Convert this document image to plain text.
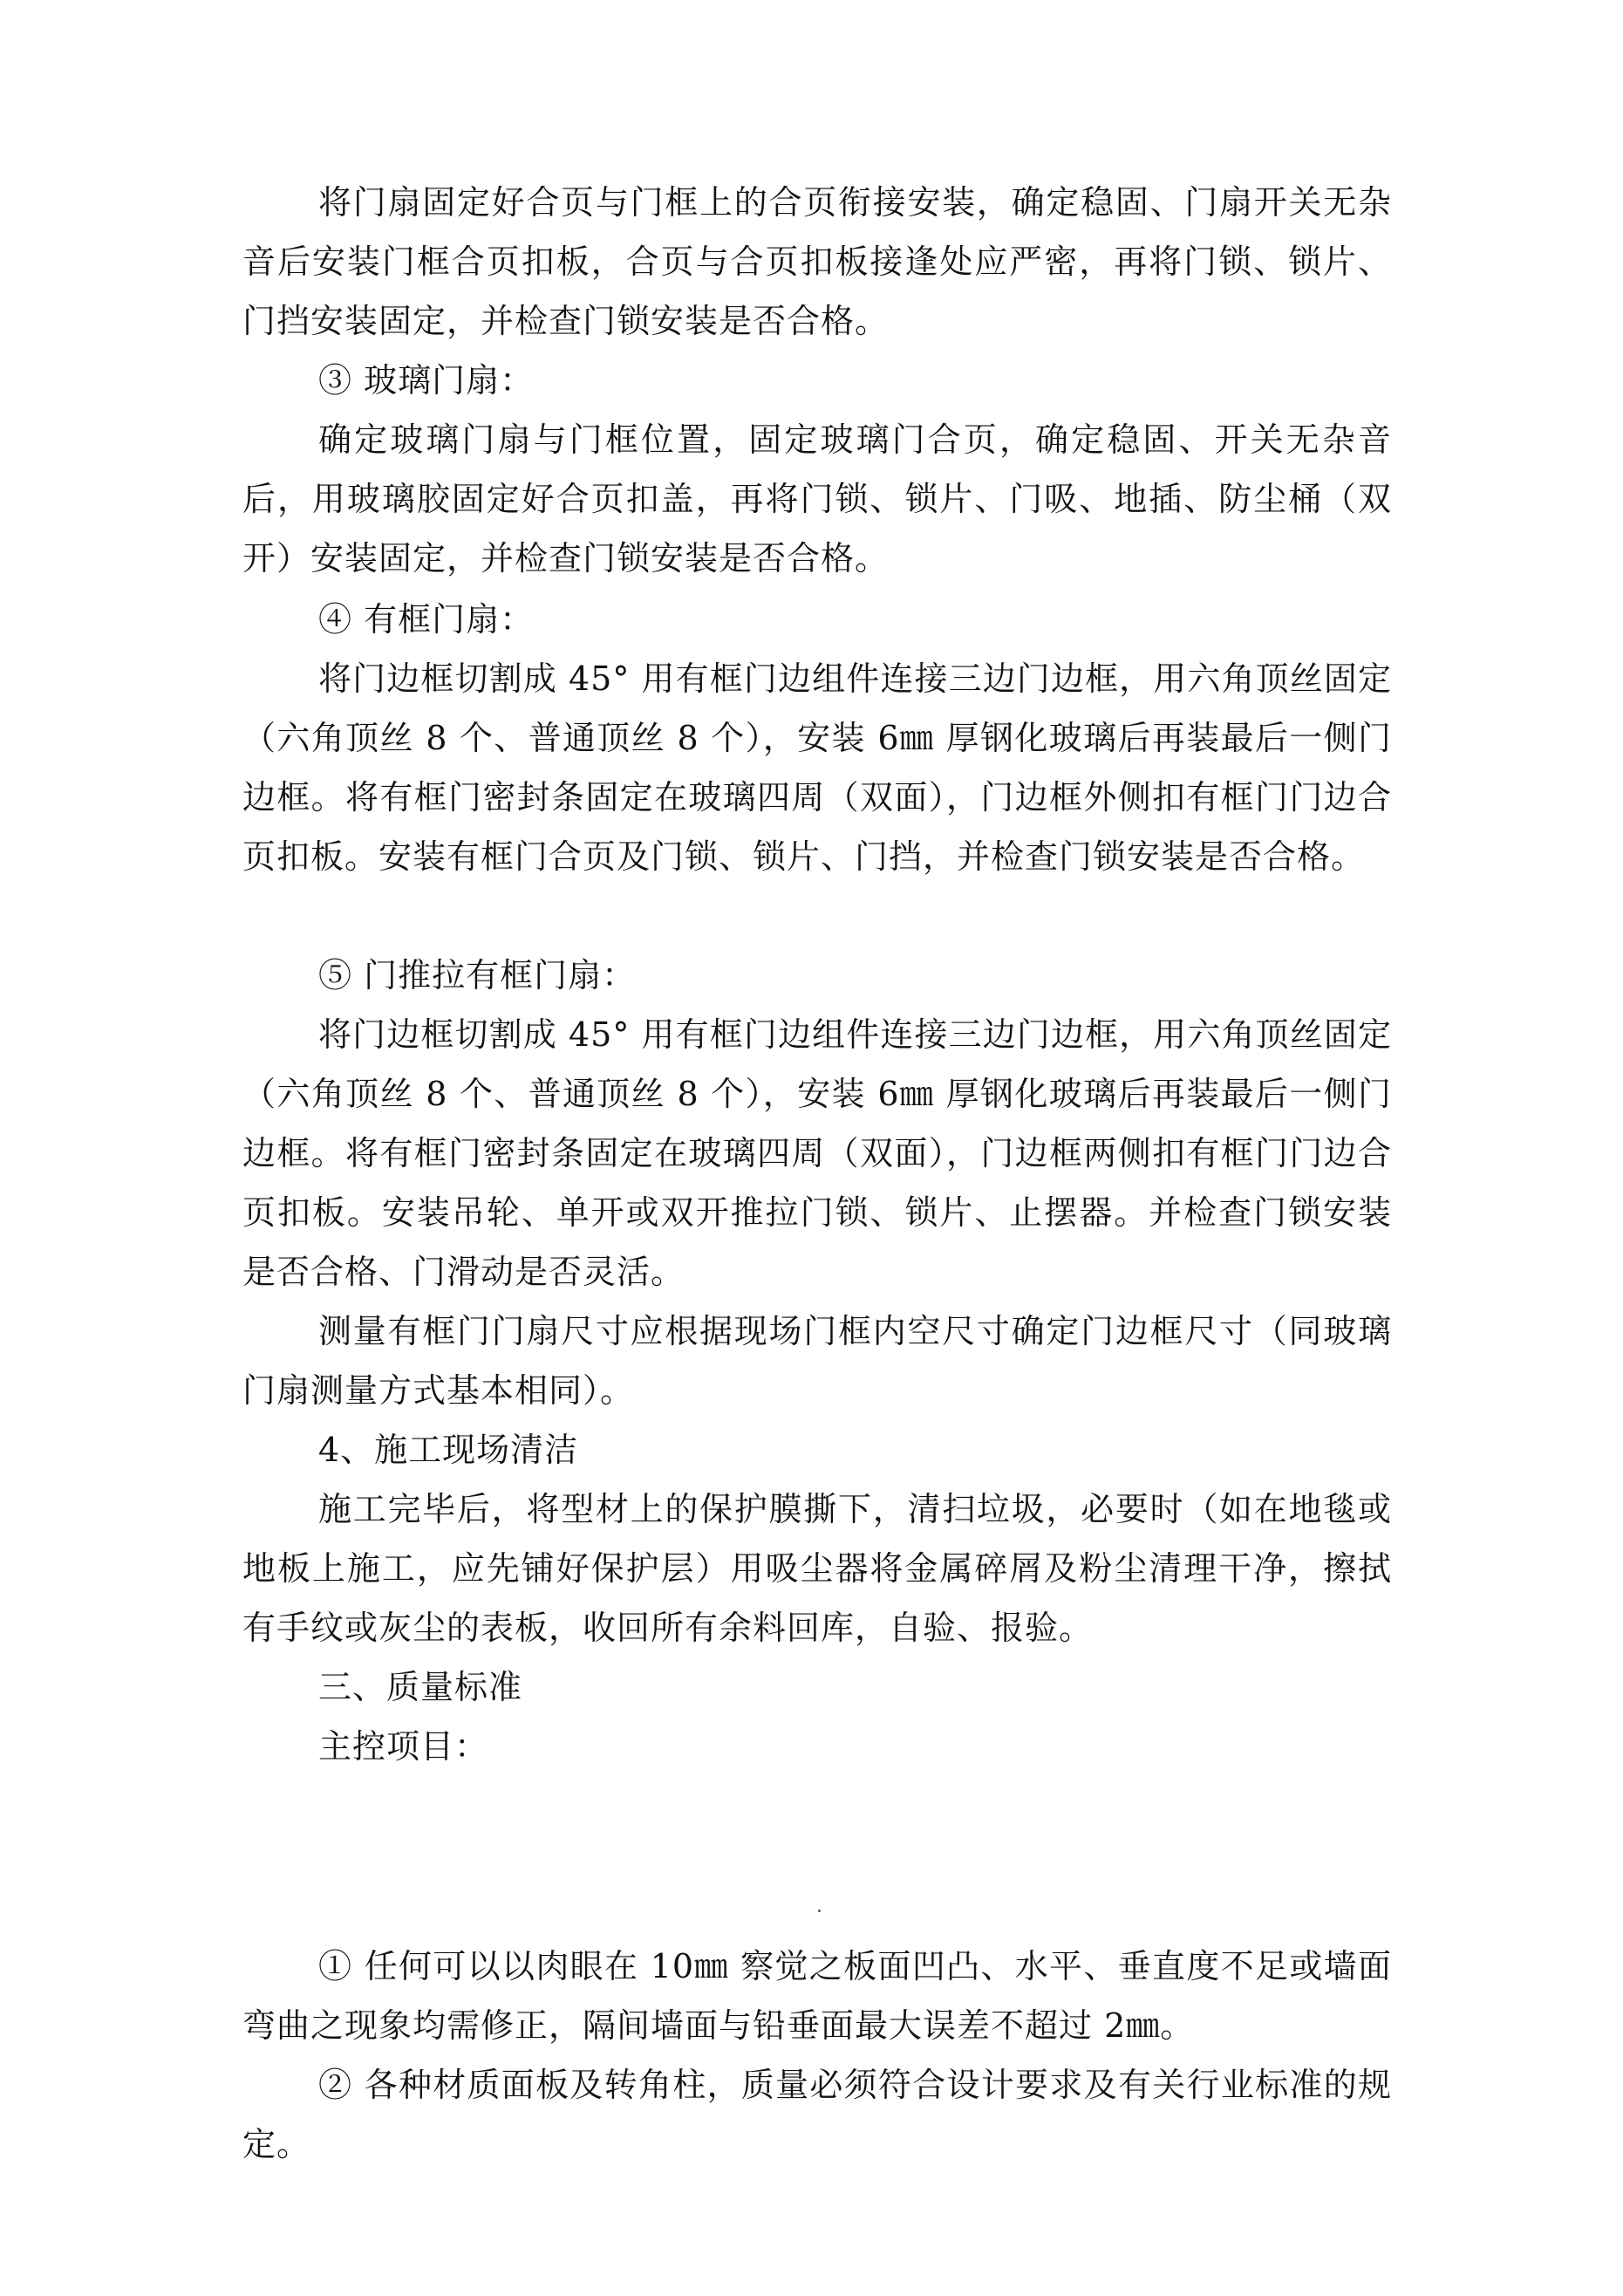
将门扇固定好合页与门框上的合页衔接安装，确定稳固、门扇开关无杂音后安装门框合页扣板，合页与合页扣板接逢处应严密，再将门锁、锁片、门挡安装固定，并检查门锁安装是否合格。

③ 玻璃门扇：

确定玻璃门扇与门框位置，固定玻璃门合页，确定稳固、开关无杂音后，用玻璃胶固定好合页扣盖，再将门锁、锁片、门吸、地插、防尘桶（双开）安装固定，并检查门锁安装是否合格。

④ 有框门扇：

将门边框切割成 45° 用有框门边组件连接三边门边框，用六角顶丝固定（六角顶丝 8 个、普通顶丝 8 个），安装 6㎜ 厚钢化玻璃后再装最后一侧门边框。将有框门密封条固定在玻璃四周（双面），门边框外侧扣有框门门边合页扣板。安装有框门合页及门锁、锁片、门挡，并检查门锁安装是否合格。

⑤ 门推拉有框门扇：

将门边框切割成 45° 用有框门边组件连接三边门边框，用六角顶丝固定（六角顶丝 8 个、普通顶丝 8 个），安装 6㎜ 厚钢化玻璃后再装最后一侧门边框。将有框门密封条固定在玻璃四周（双面），门边框两侧扣有框门门边合页扣板。安装吊轮、单开或双开推拉门锁、锁片、止摆器。并检查门锁安装是否合格、门滑动是否灵活。

测量有框门门扇尺寸应根据现场门框内空尺寸确定门边框尺寸（同玻璃门扇测量方式基本相同）。

4、施工现场清洁

施工完毕后，将型材上的保护膜撕下，清扫垃圾，必要时（如在地毯或地板上施工，应先铺好保护层）用吸尘器将金属碎屑及粉尘清理干净，擦拭有手纹或灰尘的表板，收回所有余料回库，自验、报验。

三、质量标准

主控项目：

① 任何可以以肉眼在 10㎜ 察觉之板面凹凸、水平、垂直度不足或墙面弯曲之现象均需修正，隔间墙面与铅垂面最大误差不超过 2㎜。

② 各种材质面板及转角柱，质量必须符合设计要求及有关行业标准的规定。
